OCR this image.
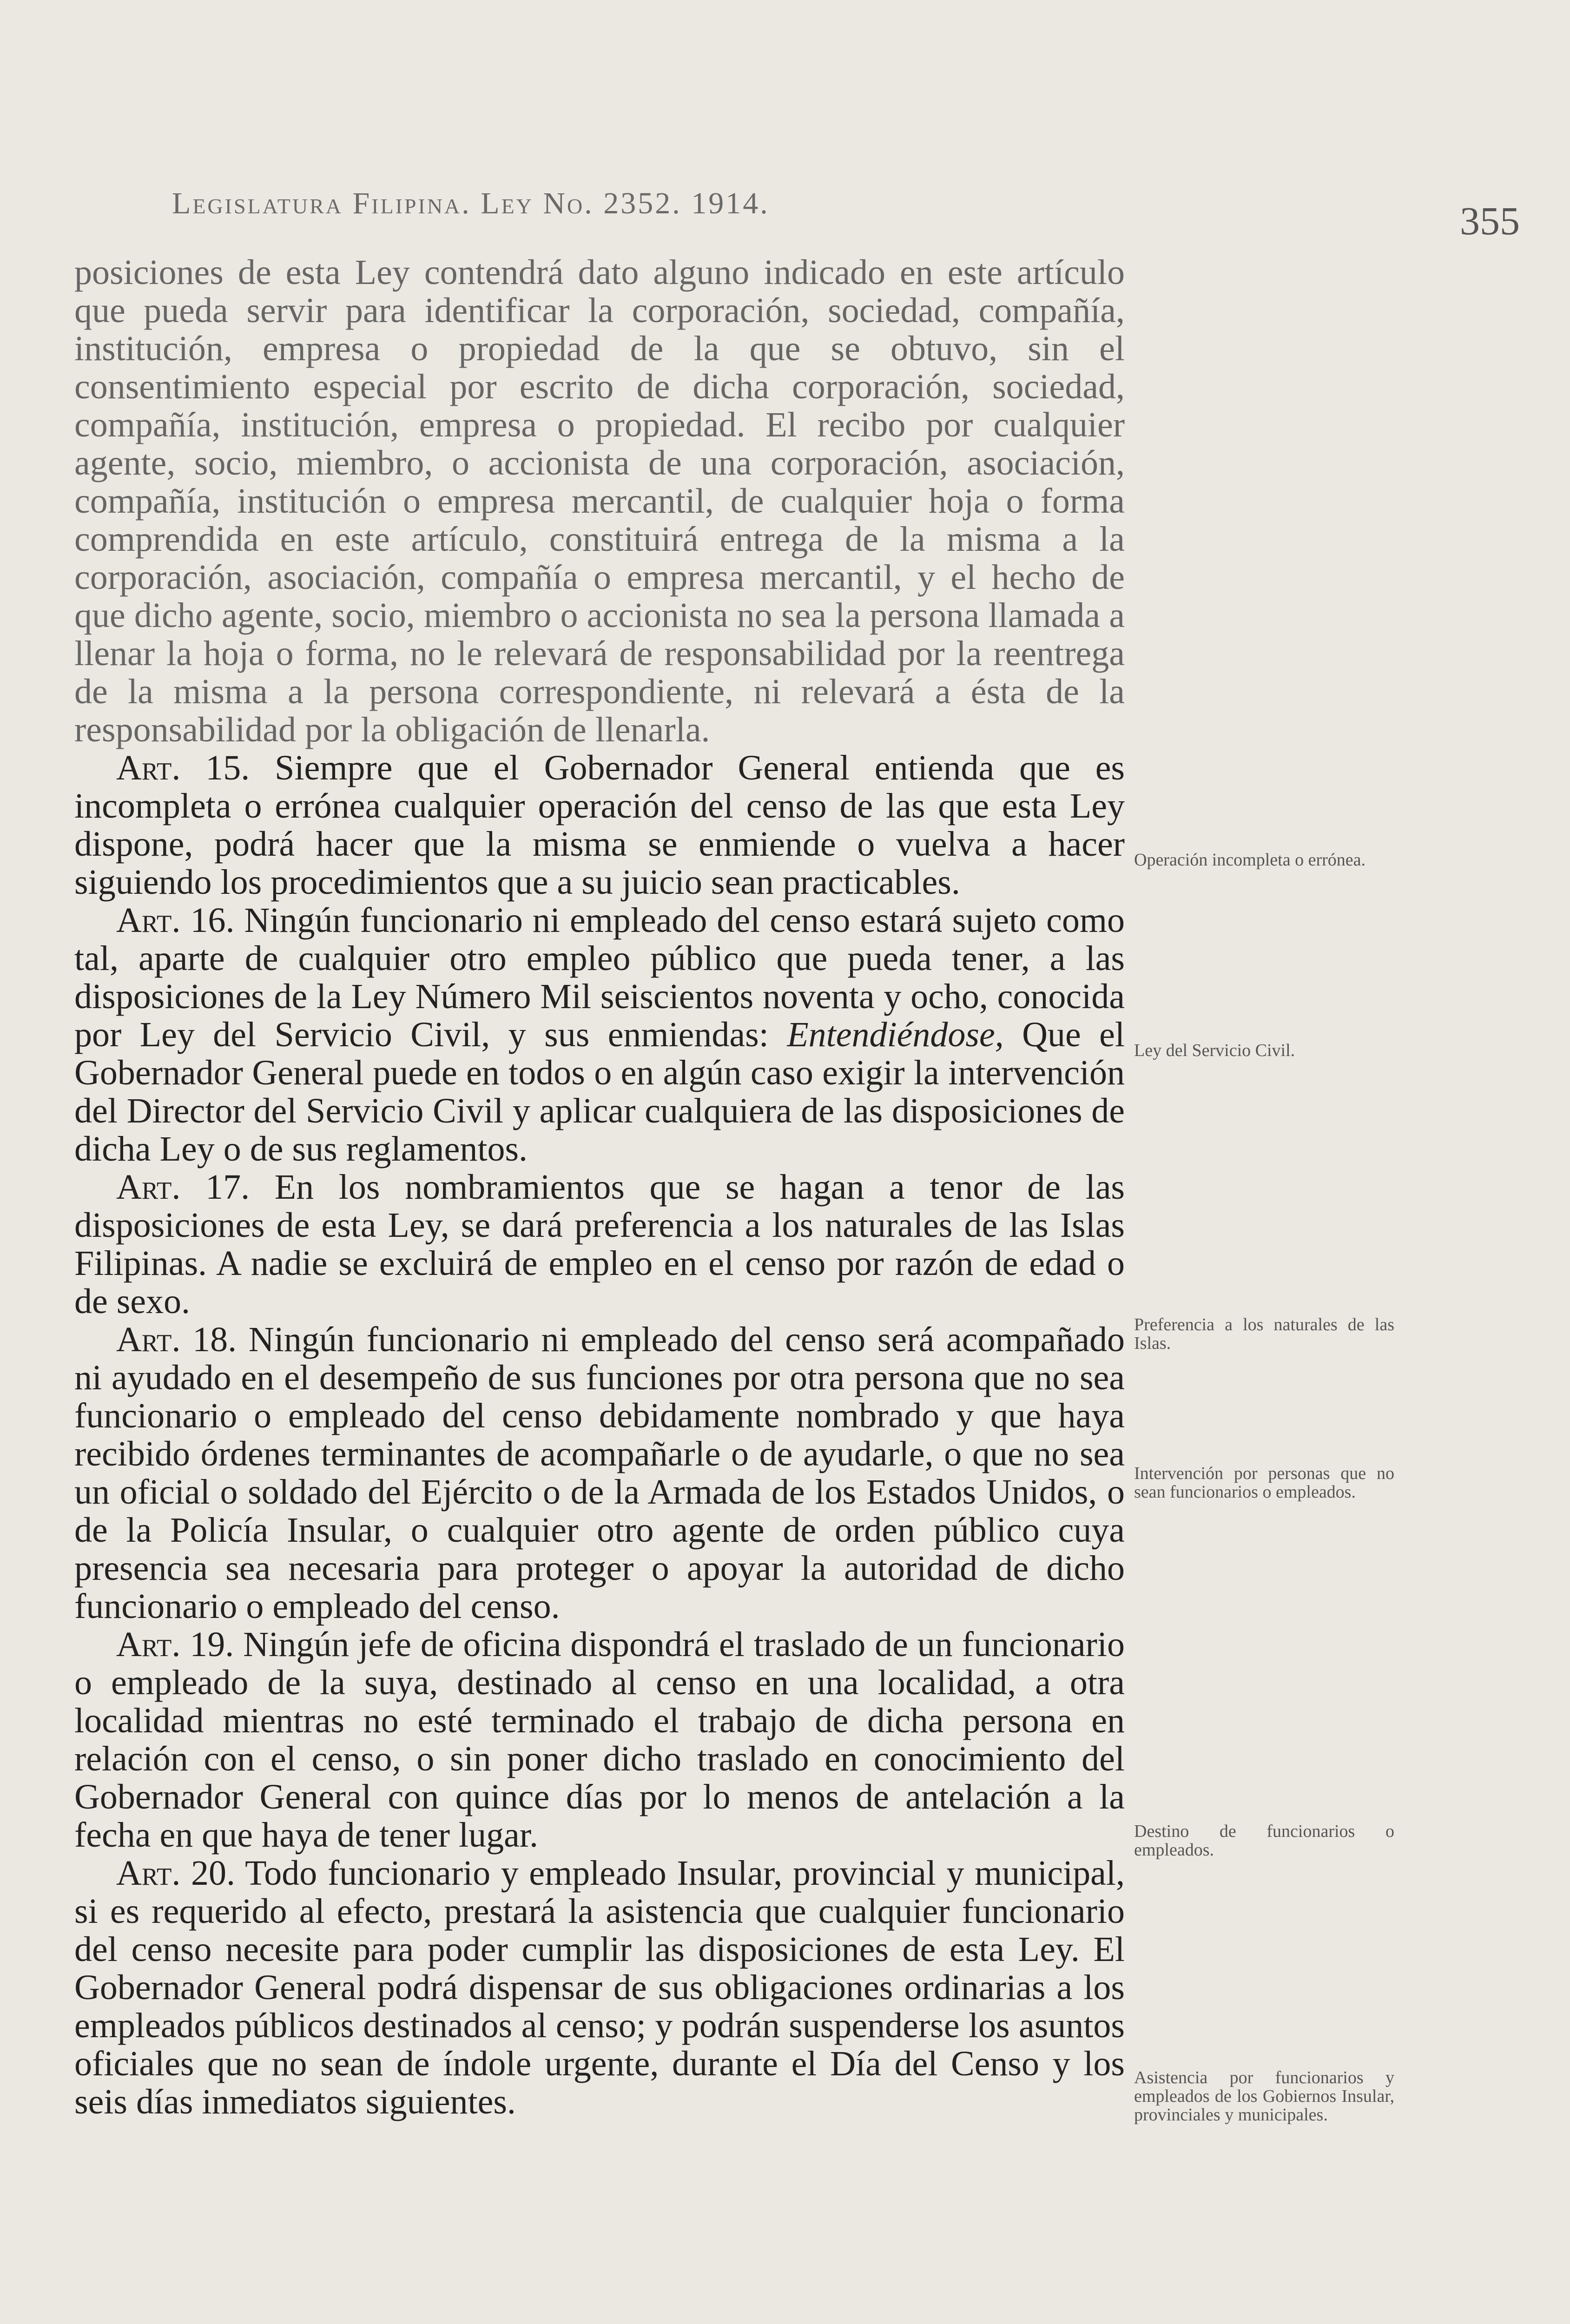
Legislatura Filipina. Ley No. 2352. 1914.	355

posiciones de esta Ley contendrá dato alguno indicado en este artículo que pueda servir para identificar la corporación, sociedad, compañía, institución, empresa o propiedad de la que se obtuvo, sin el consentimiento especial por escrito de dicha corporación, sociedad, compañía, institución, empresa o propiedad. El recibo por cualquier agente, socio, miembro, o accionista de una corporación, asociación, compañía, institución o empresa mercantil, de cualquier hoja o forma comprendida en este artículo, constituirá entrega de la misma a la corporación, asociación, compañía o empresa mercantil, y el hecho de que dicho agente, socio, miembro o accionista no sea la persona llamada a llenar la hoja o forma, no le relevará de responsabilidad por la reentrega de la misma a la persona correspondiente, ni relevará a ésta de la responsabilidad por la obligación de llenarla.

Art. 15. Siempre que el Gobernador General entienda que es incompleta o errónea cualquier operación del censo de las que esta Ley dispone, podrá hacer que la misma se enmiende o vuelva a hacer siguiendo los procedimientos que a su juicio sean practicables.

Art. 16. Ningún funcionario ni empleado del censo estará sujeto como tal, aparte de cualquier otro empleo público que pueda tener, a las disposiciones de la Ley Número Mil seiscientos noventa y ocho, conocida por Ley del Servicio Civil, y sus enmiendas: Entendiéndose, Que el Gobernador General puede en todos o en algún caso exigir la intervención del Director del Servicio Civil y aplicar cualquiera de las disposiciones de dicha Ley o de sus reglamentos.

Art. 17. En los nombramientos que se hagan a tenor de las disposiciones de esta Ley, se dará preferencia a los naturales de las Islas Filipinas. A nadie se excluirá de empleo en el censo por razón de edad o de sexo.

Art. 18. Ningún funcionario ni empleado del censo será acompañado ni ayudado en el desempeño de sus funciones por otra persona que no sea funcionario o empleado del censo debidamente nombrado y que haya recibido órdenes terminantes de acompañarle o de ayudarle, o que no sea un oficial o soldado del Ejército o de la Armada de los Estados Unidos, o de la Policía Insular, o cualquier otro agente de orden público cuya presencia sea necesaria para proteger o apoyar la autoridad de dicho funcionario o empleado del censo.

Art. 19. Ningún jefe de oficina dispondrá el traslado de un funcionario o empleado de la suya, destinado al censo en una localidad, a otra localidad mientras no esté terminado el trabajo de dicha persona en relación con el censo, o sin poner dicho traslado en conocimiento del Gobernador General con quince días por lo menos de antelación a la fecha en que haya de tener lugar.

Art. 20. Todo funcionario y empleado Insular, provincial y municipal, si es requerido al efecto, prestará la asistencia que cualquier funcionario del censo necesite para poder cumplir las disposiciones de esta Ley. El Gobernador General podrá dispensar de sus obligaciones ordinarias a los empleados públicos destinados al censo; y podrán suspenderse los asuntos oficiales que no sean de índole urgente, durante el Día del Censo y los seis días inmediatos siguientes.

Operación incompleta o errónea.
Ley del Servicio Civil.
Preferencia a los naturales de las Islas.
Intervención por personas que no sean funcionarios o empleados.
Destino de funcionarios o empleados.
Asistencia por funcionarios y empleados de los Gobiernos Insular, provinciales y municipales.
